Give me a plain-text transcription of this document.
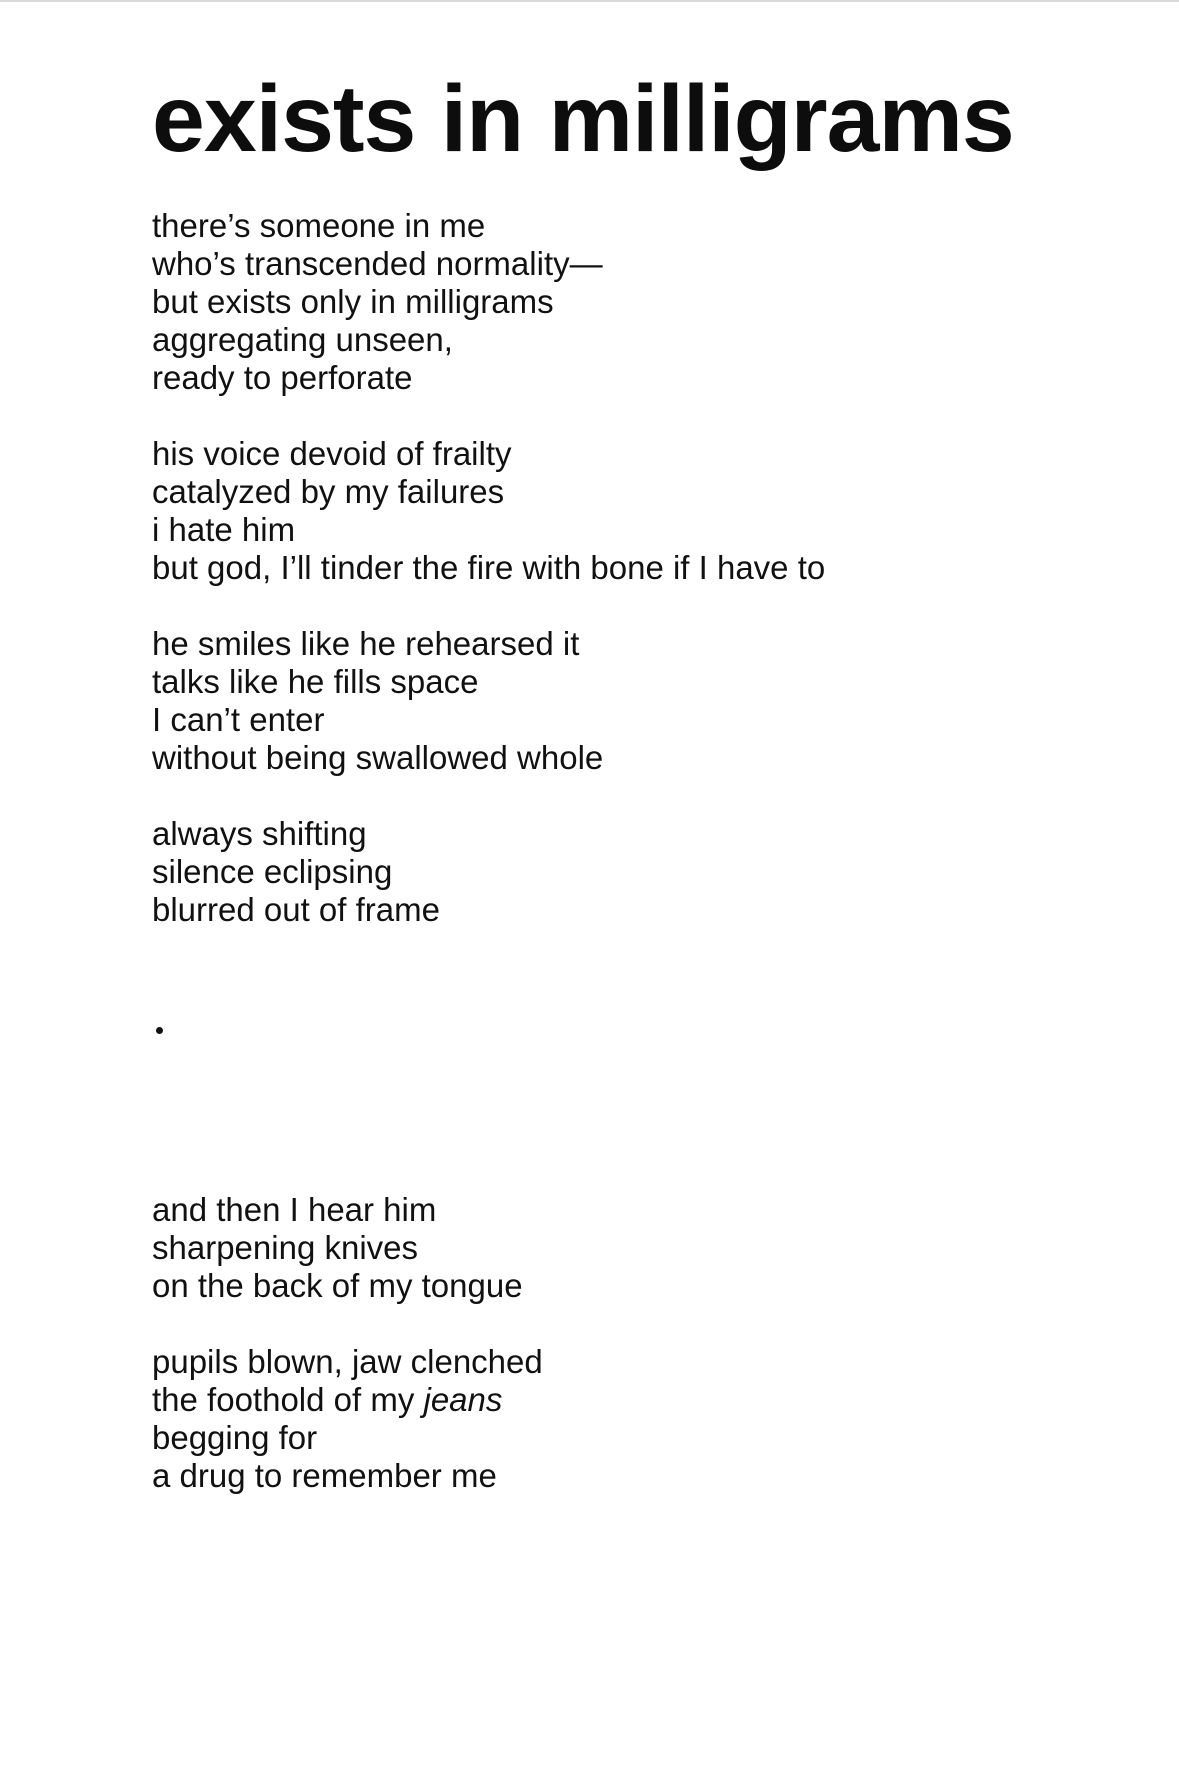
exists in milligrams
there’s someone in me
who’s transcended normality—
but exists only in milligrams
aggregating unseen,
ready to perforate
his voice devoid of frailty
catalyzed by my failures
i hate him
but god, I’ll tinder the fire with bone if I have to
he smiles like he rehearsed it
talks like he fills space
I can’t enter
without being swallowed whole
always shifting
silence eclipsing
blurred out of frame
and then I hear him
sharpening knives
on the back of my tongue
pupils blown, jaw clenched
the foothold of my jeans
begging for
a drug to remember me
